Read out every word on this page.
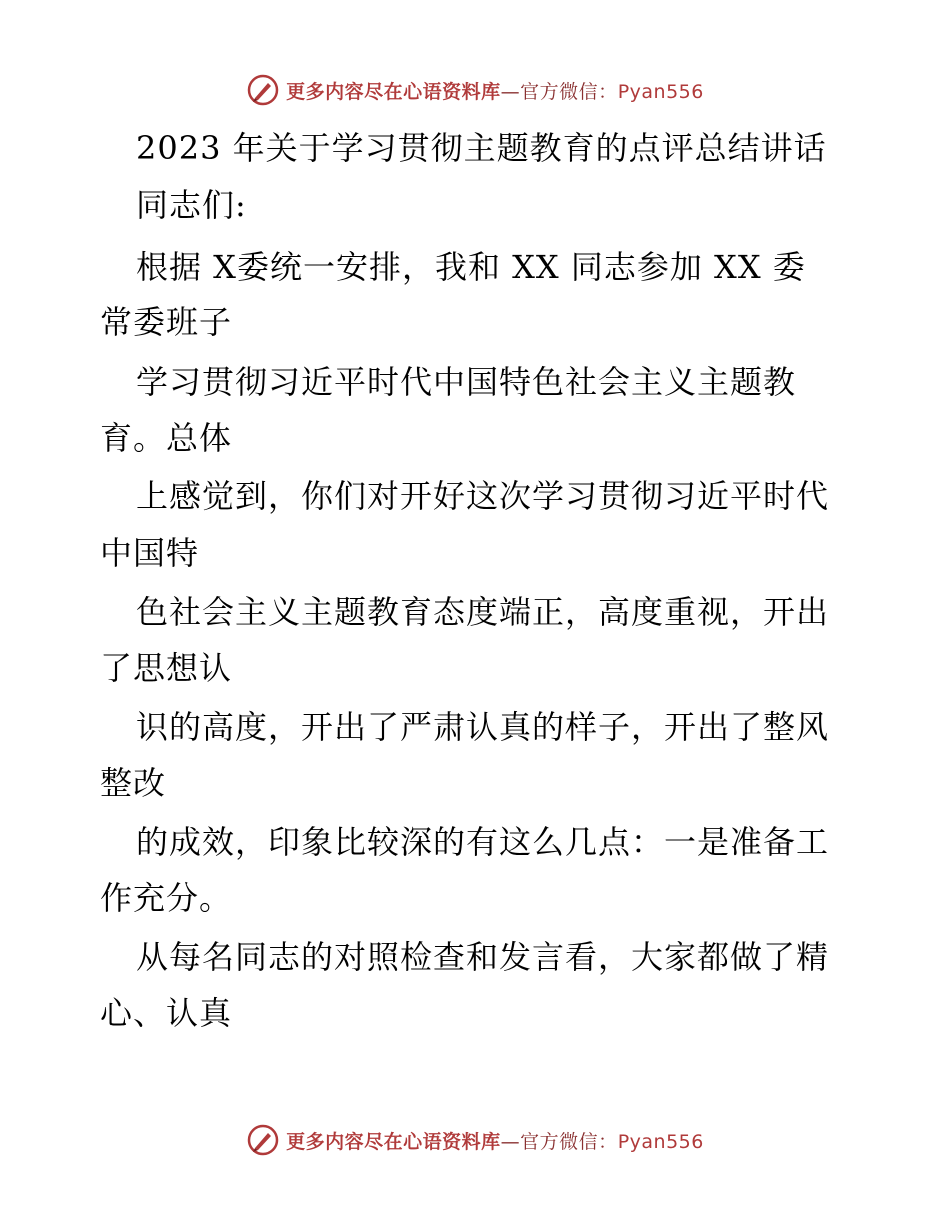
更多内容尽在心语资料库—官方微信：Pyan556
2023 年关于学习贯彻主题教育的点评总结讲话
同志们:
根据 X委统一安排，我和 XX 同志参加 XX 委
常委班子
学习贯彻习近平时代中国特色社会主义主题教
育。总体
上感觉到，你们对开好这次学习贯彻习近平时代
中国特
色社会主义主题教育态度端正，高度重视，开出
了思想认
识的高度，开出了严肃认真的样子，开出了整风
整改
的成效，印象比较深的有这么几点：一是准备工
作充分。
从每名同志的对照检查和发言看，大家都做了精
心、认真
更多内容尽在心语资料库—官方微信：Pyan556
